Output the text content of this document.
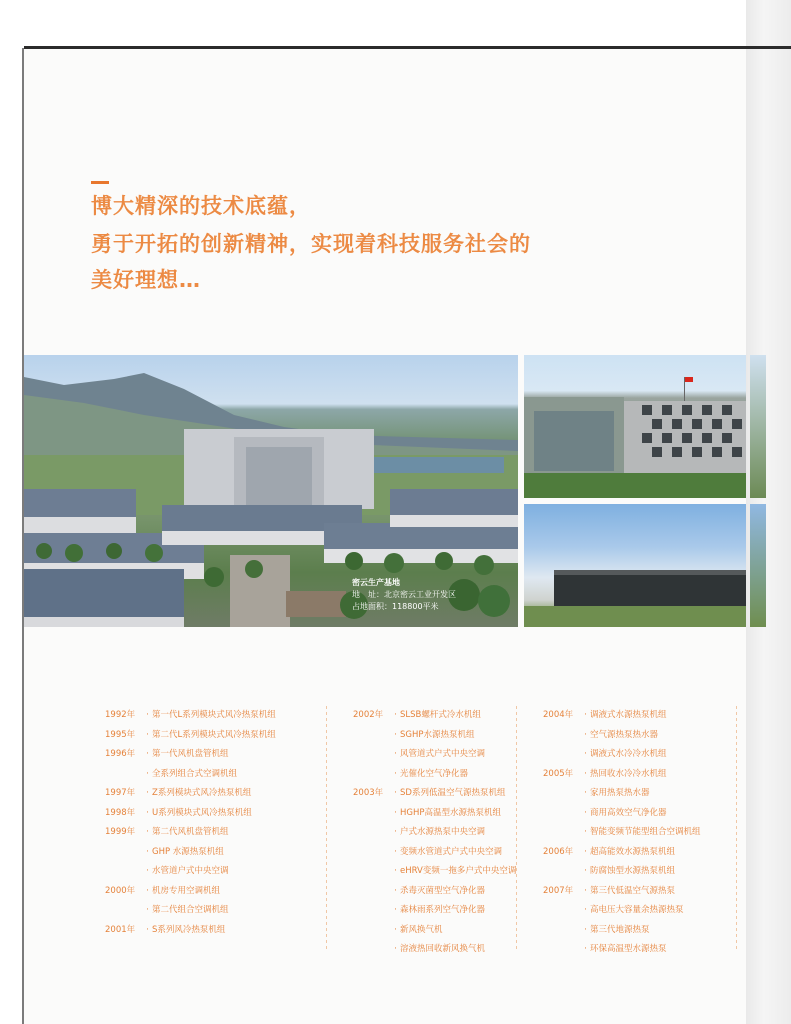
博大精深的技术底蕴，
勇于开拓的创新精神，实现着科技服务社会的
美好理想…
密云生产基地
地　址：北京密云工业开发区
占地面积：118800平米
1992年 · 第一代L系列模块式风冷热泵机组
1995年 · 第二代L系列模块式风冷热泵机组
1996年 · 第一代风机盘管机组
· 全系列组合式空调机组
1997年 · Z系列模块式风冷热泵机组
1998年 · U系列模块式风冷热泵机组
1999年 · 第二代风机盘管机组
· GHP 水源热泵机组
· 水管道户式中央空调
2000年 · 机房专用空调机组
· 第二代组合空调机组
2001年 · S系列风冷热泵机组
2002年 · SLSB螺杆式冷水机组
· SGHP水源热泵机组
· 风管道式户式中央空调
· 光催化空气净化器
2003年 · SD系列低温空气源热泵机组
· HGHP高温型水源热泵机组
· 户式水源热泵中央空调
· 变频水管道式户式中央空调
· eHRV变频一拖多户式中央空调
· 杀毒灭菌型空气净化器
· 森林雨系列空气净化器
· 新风换气机
· 溶液热回收新风换气机
2004年 · 调液式水源热泵机组
· 空气源热泵热水器
· 调液式水冷冷水机组
2005年 · 热回收水冷冷水机组
· 家用热泵热水器
· 商用高效空气净化器
· 智能变频节能型组合空调机组
2006年 · 超高能效水源热泵机组
· 防腐蚀型水源热泵机组
2007年 · 第三代低温空气源热泵
· 高电压大容量余热源热泵
· 第三代地源热泵
· 环保高温型水源热泵
